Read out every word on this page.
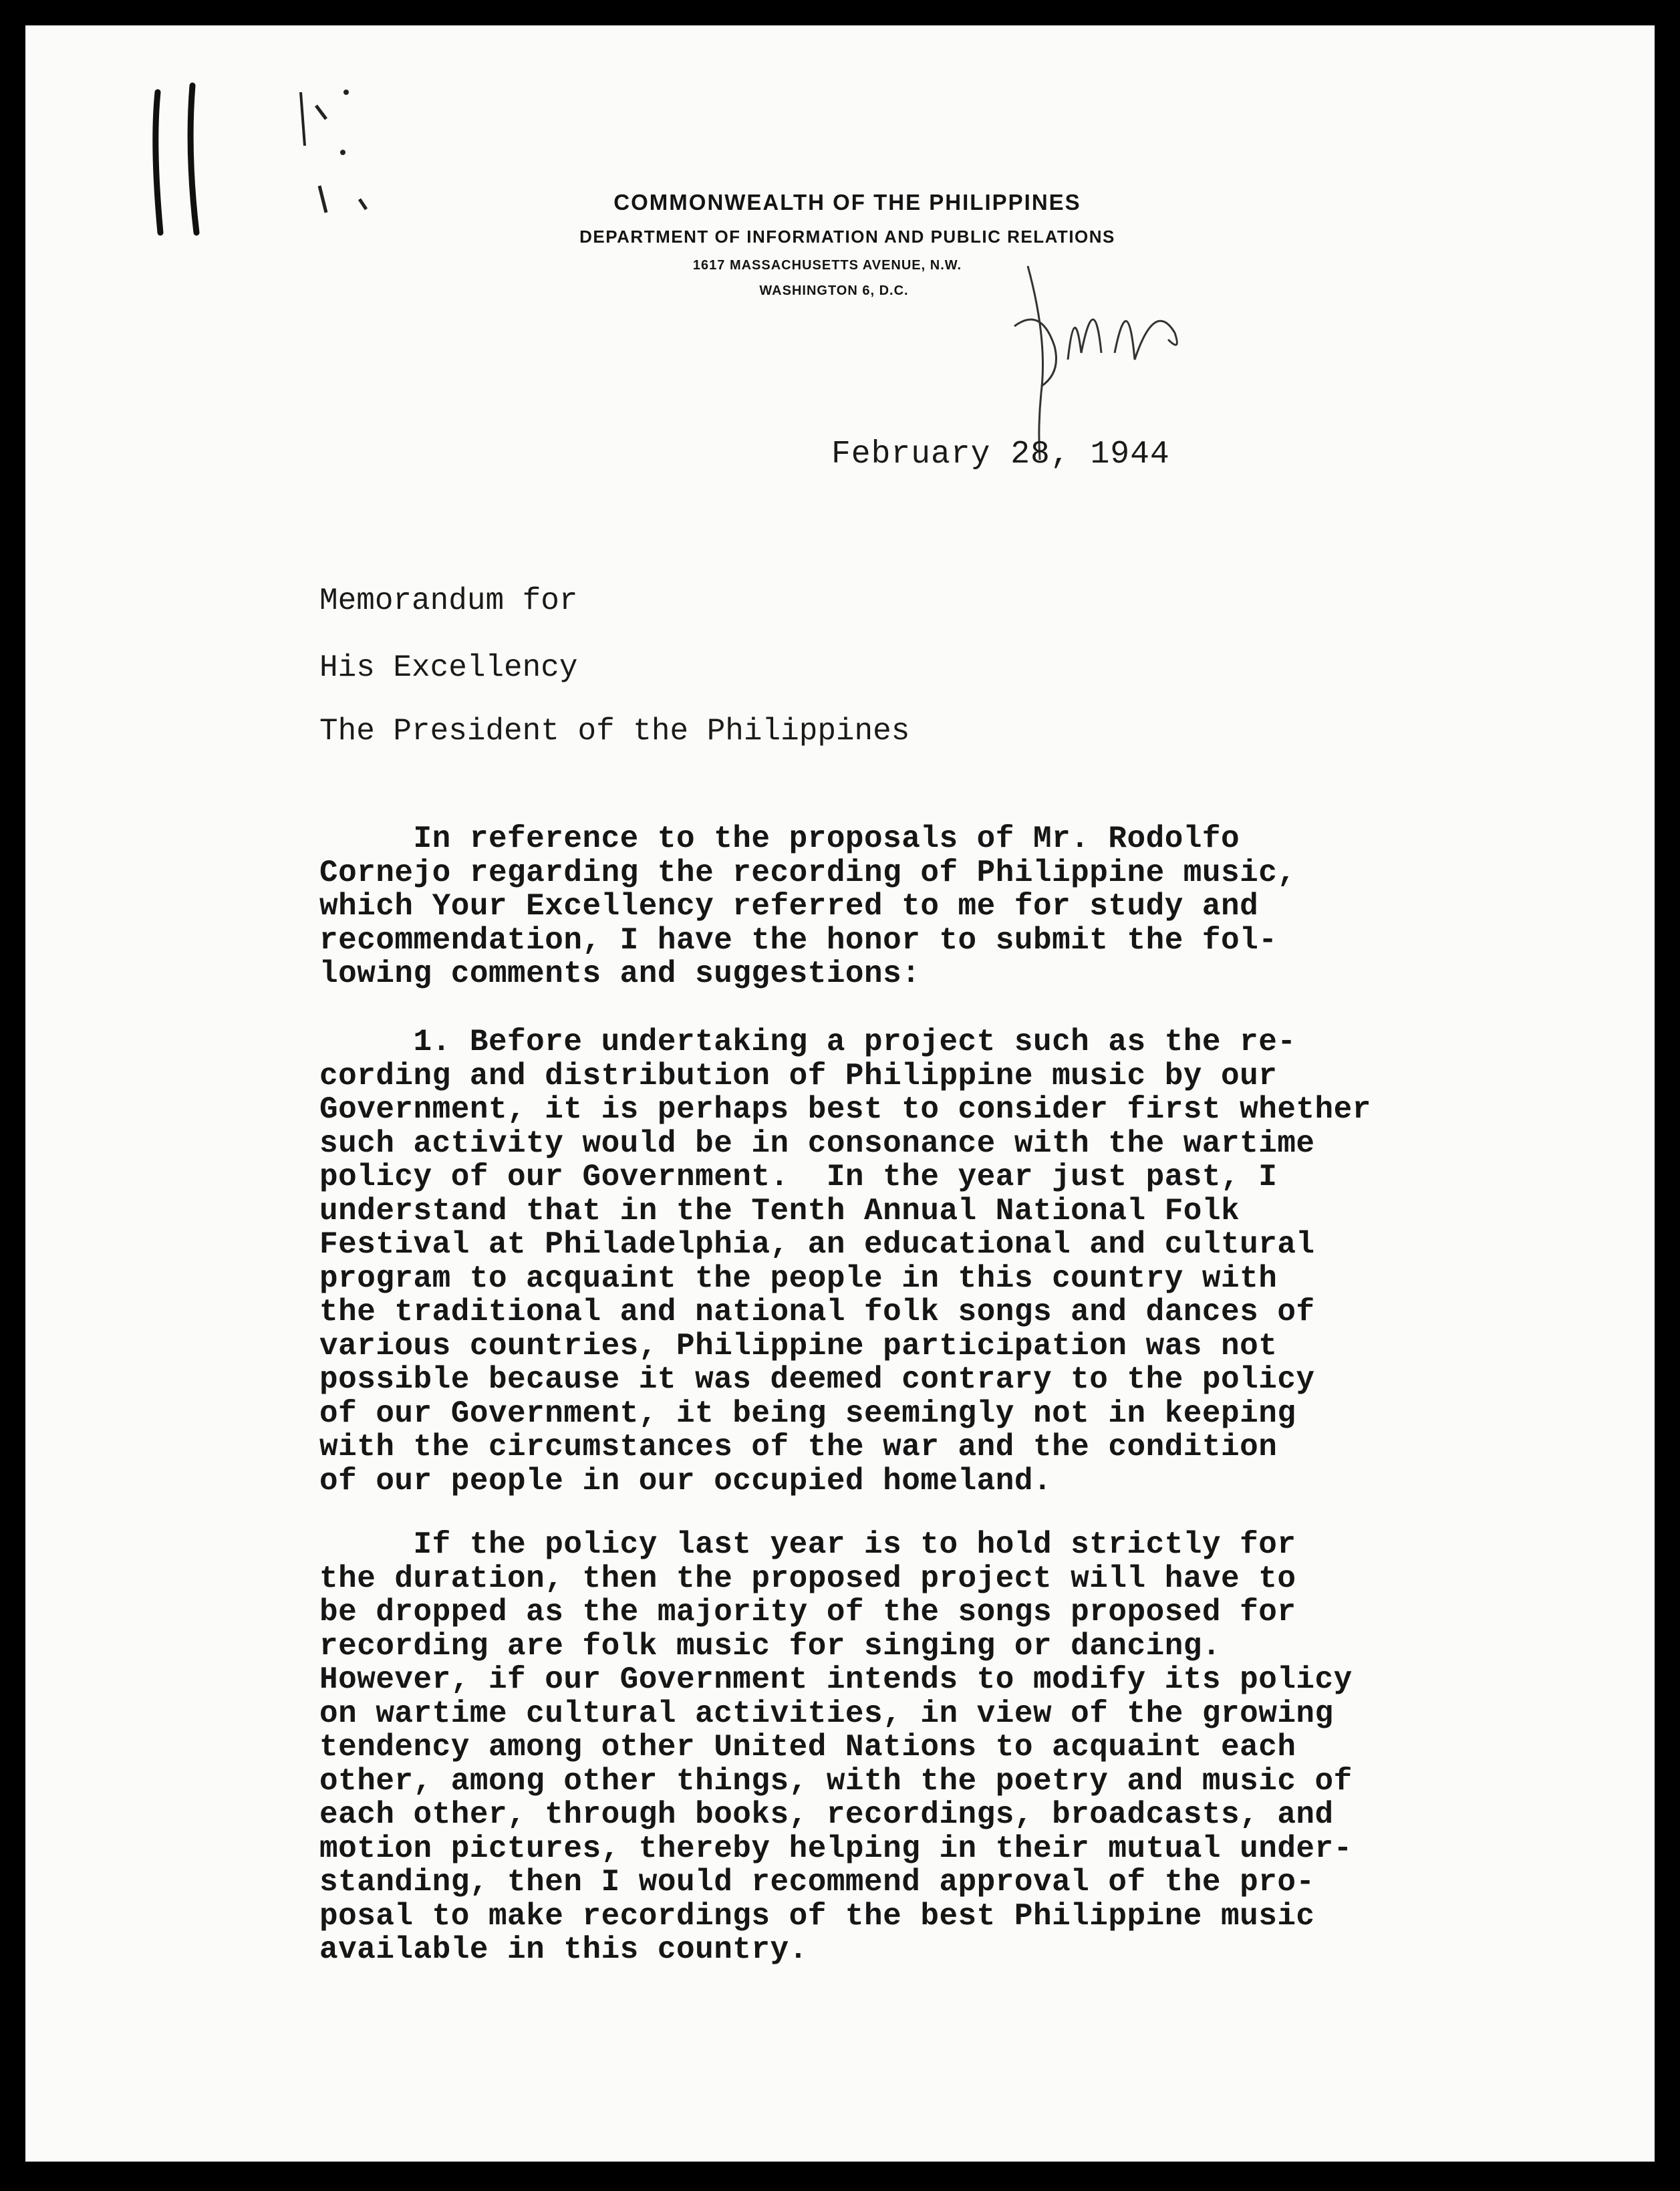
COMMONWEALTH OF THE PHILIPPINES
DEPARTMENT OF INFORMATION AND PUBLIC RELATIONS
1617 MASSACHUSETTS AVENUE, N.W.
WASHINGTON 6, D.C.
February 28, 1944
Memorandum for
His Excellency
The President of the Philippines
In reference to the proposals of Mr. Rodolfo
Cornejo regarding the recording of Philippine music,
which Your Excellency referred to me for study and
recommendation, I have the honor to submit the fol-
lowing comments and suggestions:
1. Before undertaking a project such as the re-
cording and distribution of Philippine music by our
Government, it is perhaps best to consider first whether
such activity would be in consonance with the wartime
policy of our Government.  In the year just past, I
understand that in the Tenth Annual National Folk
Festival at Philadelphia, an educational and cultural
program to acquaint the people in this country with
the traditional and national folk songs and dances of
various countries, Philippine participation was not
possible because it was deemed contrary to the policy
of our Government, it being seemingly not in keeping
with the circumstances of the war and the condition
of our people in our occupied homeland.
If the policy last year is to hold strictly for
the duration, then the proposed project will have to
be dropped as the majority of the songs proposed for
recording are folk music for singing or dancing.
However, if our Government intends to modify its policy
on wartime cultural activities, in view of the growing
tendency among other United Nations to acquaint each
other, among other things, with the poetry and music of
each other, through books, recordings, broadcasts, and
motion pictures, thereby helping in their mutual under-
standing, then I would recommend approval of the pro-
posal to make recordings of the best Philippine music
available in this country.
